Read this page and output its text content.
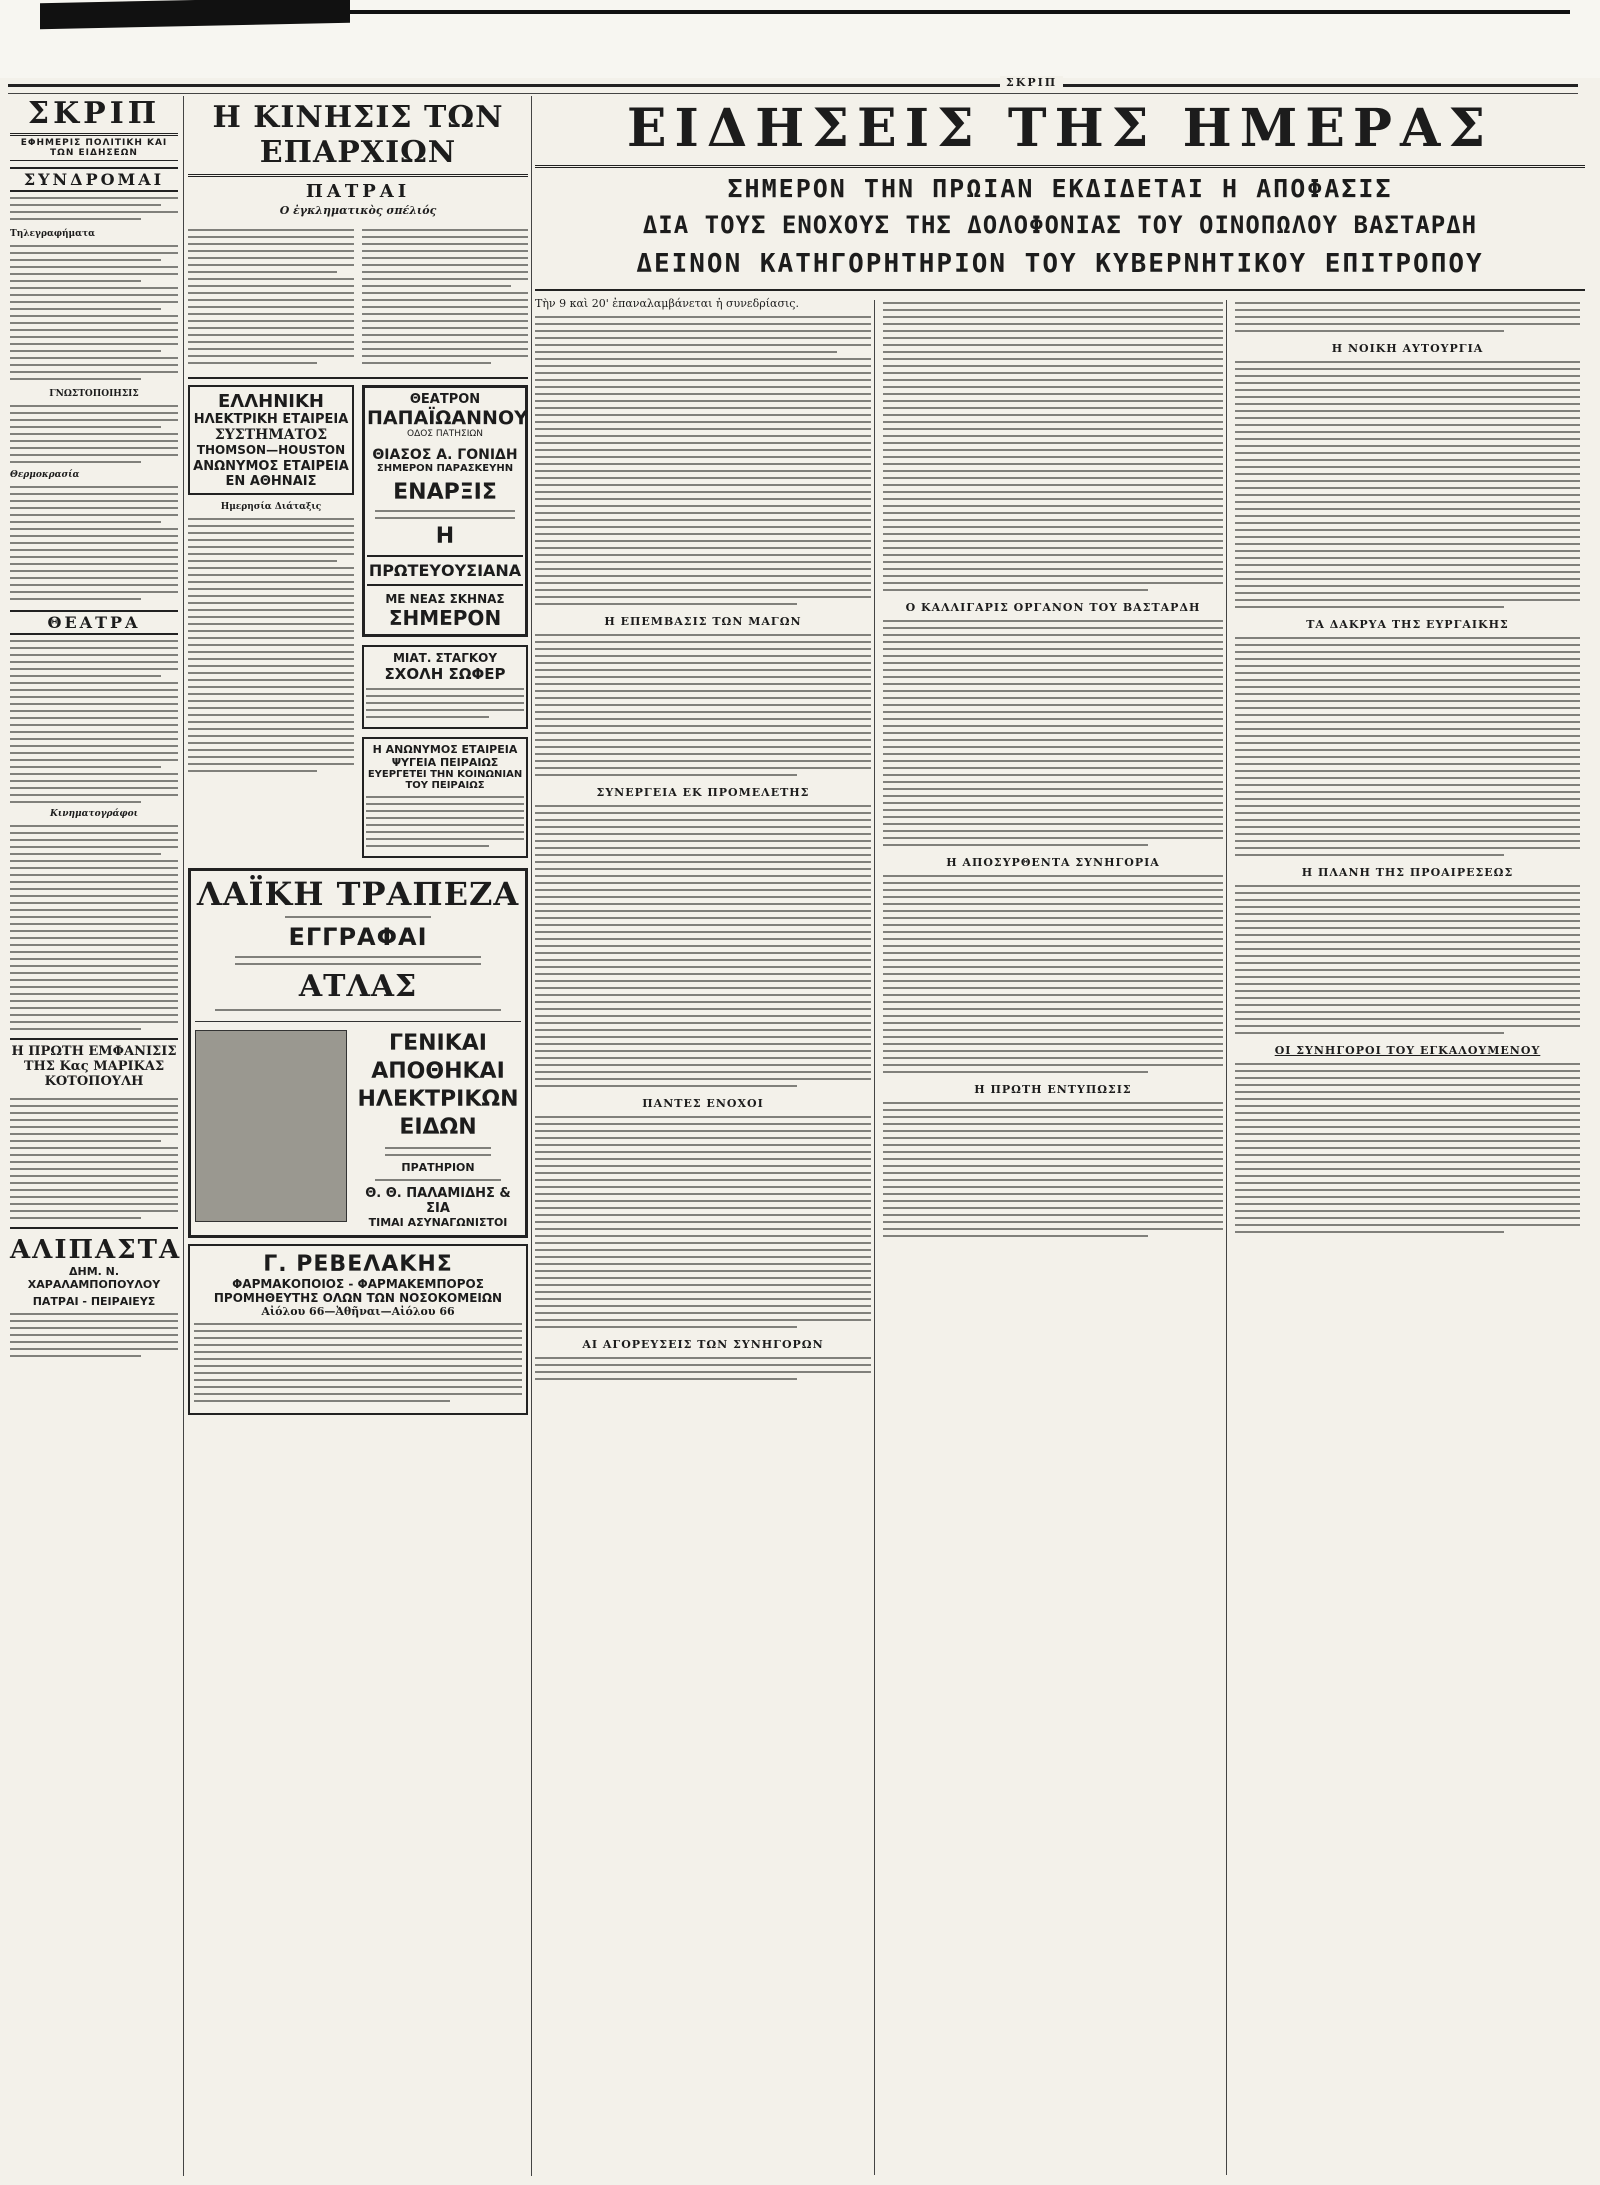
ΣΚΡΙΠ
ΣΚΡΙΠ
ΕΦΗΜΕΡΙΣ ΠΟΛΙΤΙΚΗ ΚΑΙ ΤΩΝ ΕΙΔΗΣΕΩΝ
ΣΥΝΔΡΟΜΑΙ
Τηλεγραφήματα
ΓΝΩΣΤΟΠΟΙΗΣΙΣ
Θερμοκρασία
ΘΕΑΤΡΑ
Κινηματογράφοι
Η ΠΡΩΤΗ ΕΜΦΑΝΙΣΙΣ ΤΗΣ Κας ΜΑΡΙΚΑΣ ΚΟΤΟΠΟΥΛΗ
ΑΛΙΠΑΣΤΑ
ΔΗΜ. Ν. ΧΑΡΑΛΑΜΠΟΠΟΥΛΟΥ
ΠΑΤΡΑΙ - ΠΕΙΡΑΙΕΥΣ
Η ΚΙΝΗΣΙΣ ΤΩΝ ΕΠΑΡΧΙΩΝ
ΠΑΤΡΑΙ
Ο ἐγκληματικὸς σπέλιός
ΕΛΛΗΝΙΚΗ
ΗΛΕΚΤΡΙΚΗ ΕΤΑΙΡΕΙΑ
ΣΥΣΤΗΜΑΤΟΣ
THOMSON—HOUSTON
ΑΝΩΝΥΜΟΣ ΕΤΑΙΡΕΙΑ
ΕΝ ΑΘΗΝΑΙΣ
Ημερησία Διάταξις
ΘΕΑΤΡΟΝ
ΠΑΠΑΪΩΑΝΝΟΥ
ΟΔΟΣ ΠΑΤΗΣΙΩΝ
ΘΙΑΣΟΣ Α. ΓΟΝΙΔΗ
ΣΗΜΕΡΟΝ ΠΑΡΑΣΚΕΥΗΝ
ΕΝΑΡΞΙΣ
Η
ΠΡΩΤΕΥΟΥΣΙΑΝΑ
ΜΕ ΝΕΑΣ ΣΚΗΝΑΣ
ΣΗΜΕΡΟΝ
ΜΙΑΤ. ΣΤΑΓΚΟΥ
ΣΧΟΛΗ ΣΩΦΕΡ
Η ΑΝΩΝΥΜΟΣ ΕΤΑΙΡΕΙΑ
ΨΥΓΕΙΑ ΠΕΙΡΑΙΩΣ
ΕΥΕΡΓΕΤΕΙ ΤΗΝ ΚΟΙΝΩΝΙΑΝ
ΤΟΥ ΠΕΙΡΑΙΩΣ
ΛΑΪΚΗ ΤΡΑΠΕΖΑ
ΕΓΓΡΑΦΑΙ
ΑΤΛΑΣ
ΓΕΝΙΚΑΙ ΑΠΟΘΗΚΑΙ
ΗΛΕΚΤΡΙΚΩΝ ΕΙΔΩΝ
ΠΡΑΤΗΡΙΟΝ
Θ. Θ. ΠΑΛΑΜΙΔΗΣ & ΣΙΑ
ΤΙΜΑΙ ΑΣΥΝΑΓΩΝΙΣΤΟΙ
Γ. ΡΕΒΕΛΑΚΗΣ
ΦΑΡΜΑΚΟΠΟΙΟΣ - ΦΑΡΜΑΚΕΜΠΟΡΟΣ
ΠΡΟΜΗΘΕΥΤΗΣ ΟΛΩΝ ΤΩΝ ΝΟΣΟΚΟΜΕΙΩΝ
Αἰόλου 66—Ἀθῆναι—Αἰόλου 66
ΕΙΔΗΣΕΙΣ ΤΗΣ ΗΜΕΡΑΣ
ΣΗΜΕΡΟΝ ΤΗΝ ΠΡΩΙΑΝ ΕΚΔΙΔΕΤΑΙ Η ΑΠΟΦΑΣΙΣ
ΔΙΑ ΤΟΥΣ ΕΝΟΧΟΥΣ ΤΗΣ ΔΟΛΟΦΟΝΙΑΣ ΤΟΥ ΟΙΝΟΠΩΛΟΥ ΒΑΣΤΑΡΔΗ
ΔΕΙΝΟΝ ΚΑΤΗΓΟΡΗΤΗΡΙΟΝ ΤΟΥ ΚΥΒΕΡΝΗΤΙΚΟΥ ΕΠΙΤΡΟΠΟΥ
Τὴν 9 καὶ 20' ἐπαναλαμβάνεται ἡ συνεδρίασις.
Η ΕΠΕΜΒΑΣΙΣ ΤΩΝ ΜΑΓΩΝ
ΣΥΝΕΡΓΕΙΑ ΕΚ ΠΡΟΜΕΛΕΤΗΣ
ΠΑΝΤΕΣ ΕΝΟΧΟΙ
ΑΙ ΑΓΟΡΕΥΣΕΙΣ ΤΩΝ ΣΥΝΗΓΟΡΩΝ
Ο ΚΑΛΛΙΓΑΡΙΣ ΟΡΓΑΝΟΝ ΤΟΥ ΒΑΣΤΑΡΔΗ
Η ΑΠΟΣΥΡΘΕΝΤΑ ΣΥΝΗΓΟΡΙΑ
Η ΠΡΩΤΗ ΕΝΤΥΠΩΣΙΣ
Η ΝΟΙΚΗ ΑΥΤΟΥΡΓΙΑ
ΤΑ ΔΑΚΡΥΑ ΤΗΣ ΕΥΡΓΑΙΚΗΣ
Η ΠΛΑΝΗ ΤΗΣ ΠΡΟΑΙΡΕΣΕΩΣ
ΟΙ ΣΥΝΗΓΟΡΟΙ ΤΟΥ ΕΓΚΑΛΟΥΜΕΝΟΥ
